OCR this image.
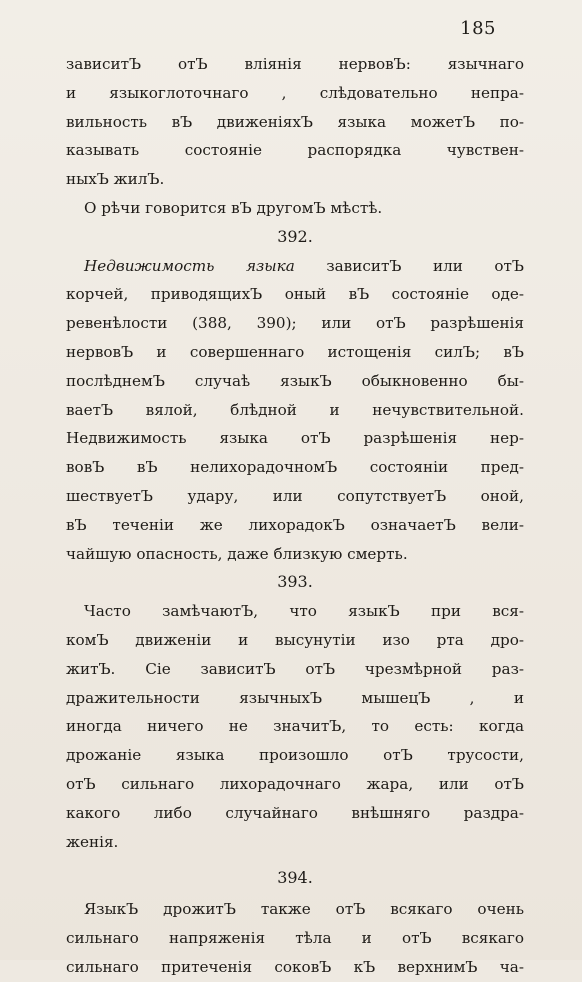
185

зависитЪ отЪ влiянiя нервовЪ: язычнаго

и языкоглоточнаго , слѣдовательно непра-

вильность вЪ движенiяхЪ языка можетЪ по-

казывать состоянiе распорядка чувствен-

ныхЪ жилЪ.

О рѣчи говорится вЪ другомЪ мѣстѣ.

392.

Недвижимость языка зависитЪ или отЪ

корчей, приводящихЪ оный вЪ состоянiе оде-

ревенѣлости (388, 390); или отЪ разрѣшенiя

нервовЪ и совершеннаго истощенiя силЪ; вЪ

послѣднемЪ случаѣ языкЪ обыкновенно бы-

ваетЪ вялой, блѣдной и нечувствительной.

Недвижимость языка отЪ разрѣшенiя нер-

вовЪ вЪ нелихорадочномЪ состоянiи пред-

шествуетЪ удару, или сопутствуетЪ оной,

вЪ теченiи же лихорадокЪ означаетЪ вели-

чайшую опасность, даже близкую смерть.

393.

Часто замѣчаютЪ, что языкЪ при вся-

комЪ движенiи и высунутiи изо рта дро-

житЪ. Сiе зависитЪ отЪ чрезмѣрной раз-

дражительности язычныхЪ мышецЪ , и

иногда ничего не значитЪ, то есть: когда

дрожанiе языка произошло отЪ трусости,

отЪ сильнаго лихорадочнаго жара, или отЪ

какого либо случайнаго внѣшняго раздра-

женiя.

394.

ЯзыкЪ дрожитЪ также отЪ всякаго очень

сильнаго напряженiя тѣла и отЪ всякаго

сильнаго притеченiя соковЪ кЪ верхнимЪ ча-
